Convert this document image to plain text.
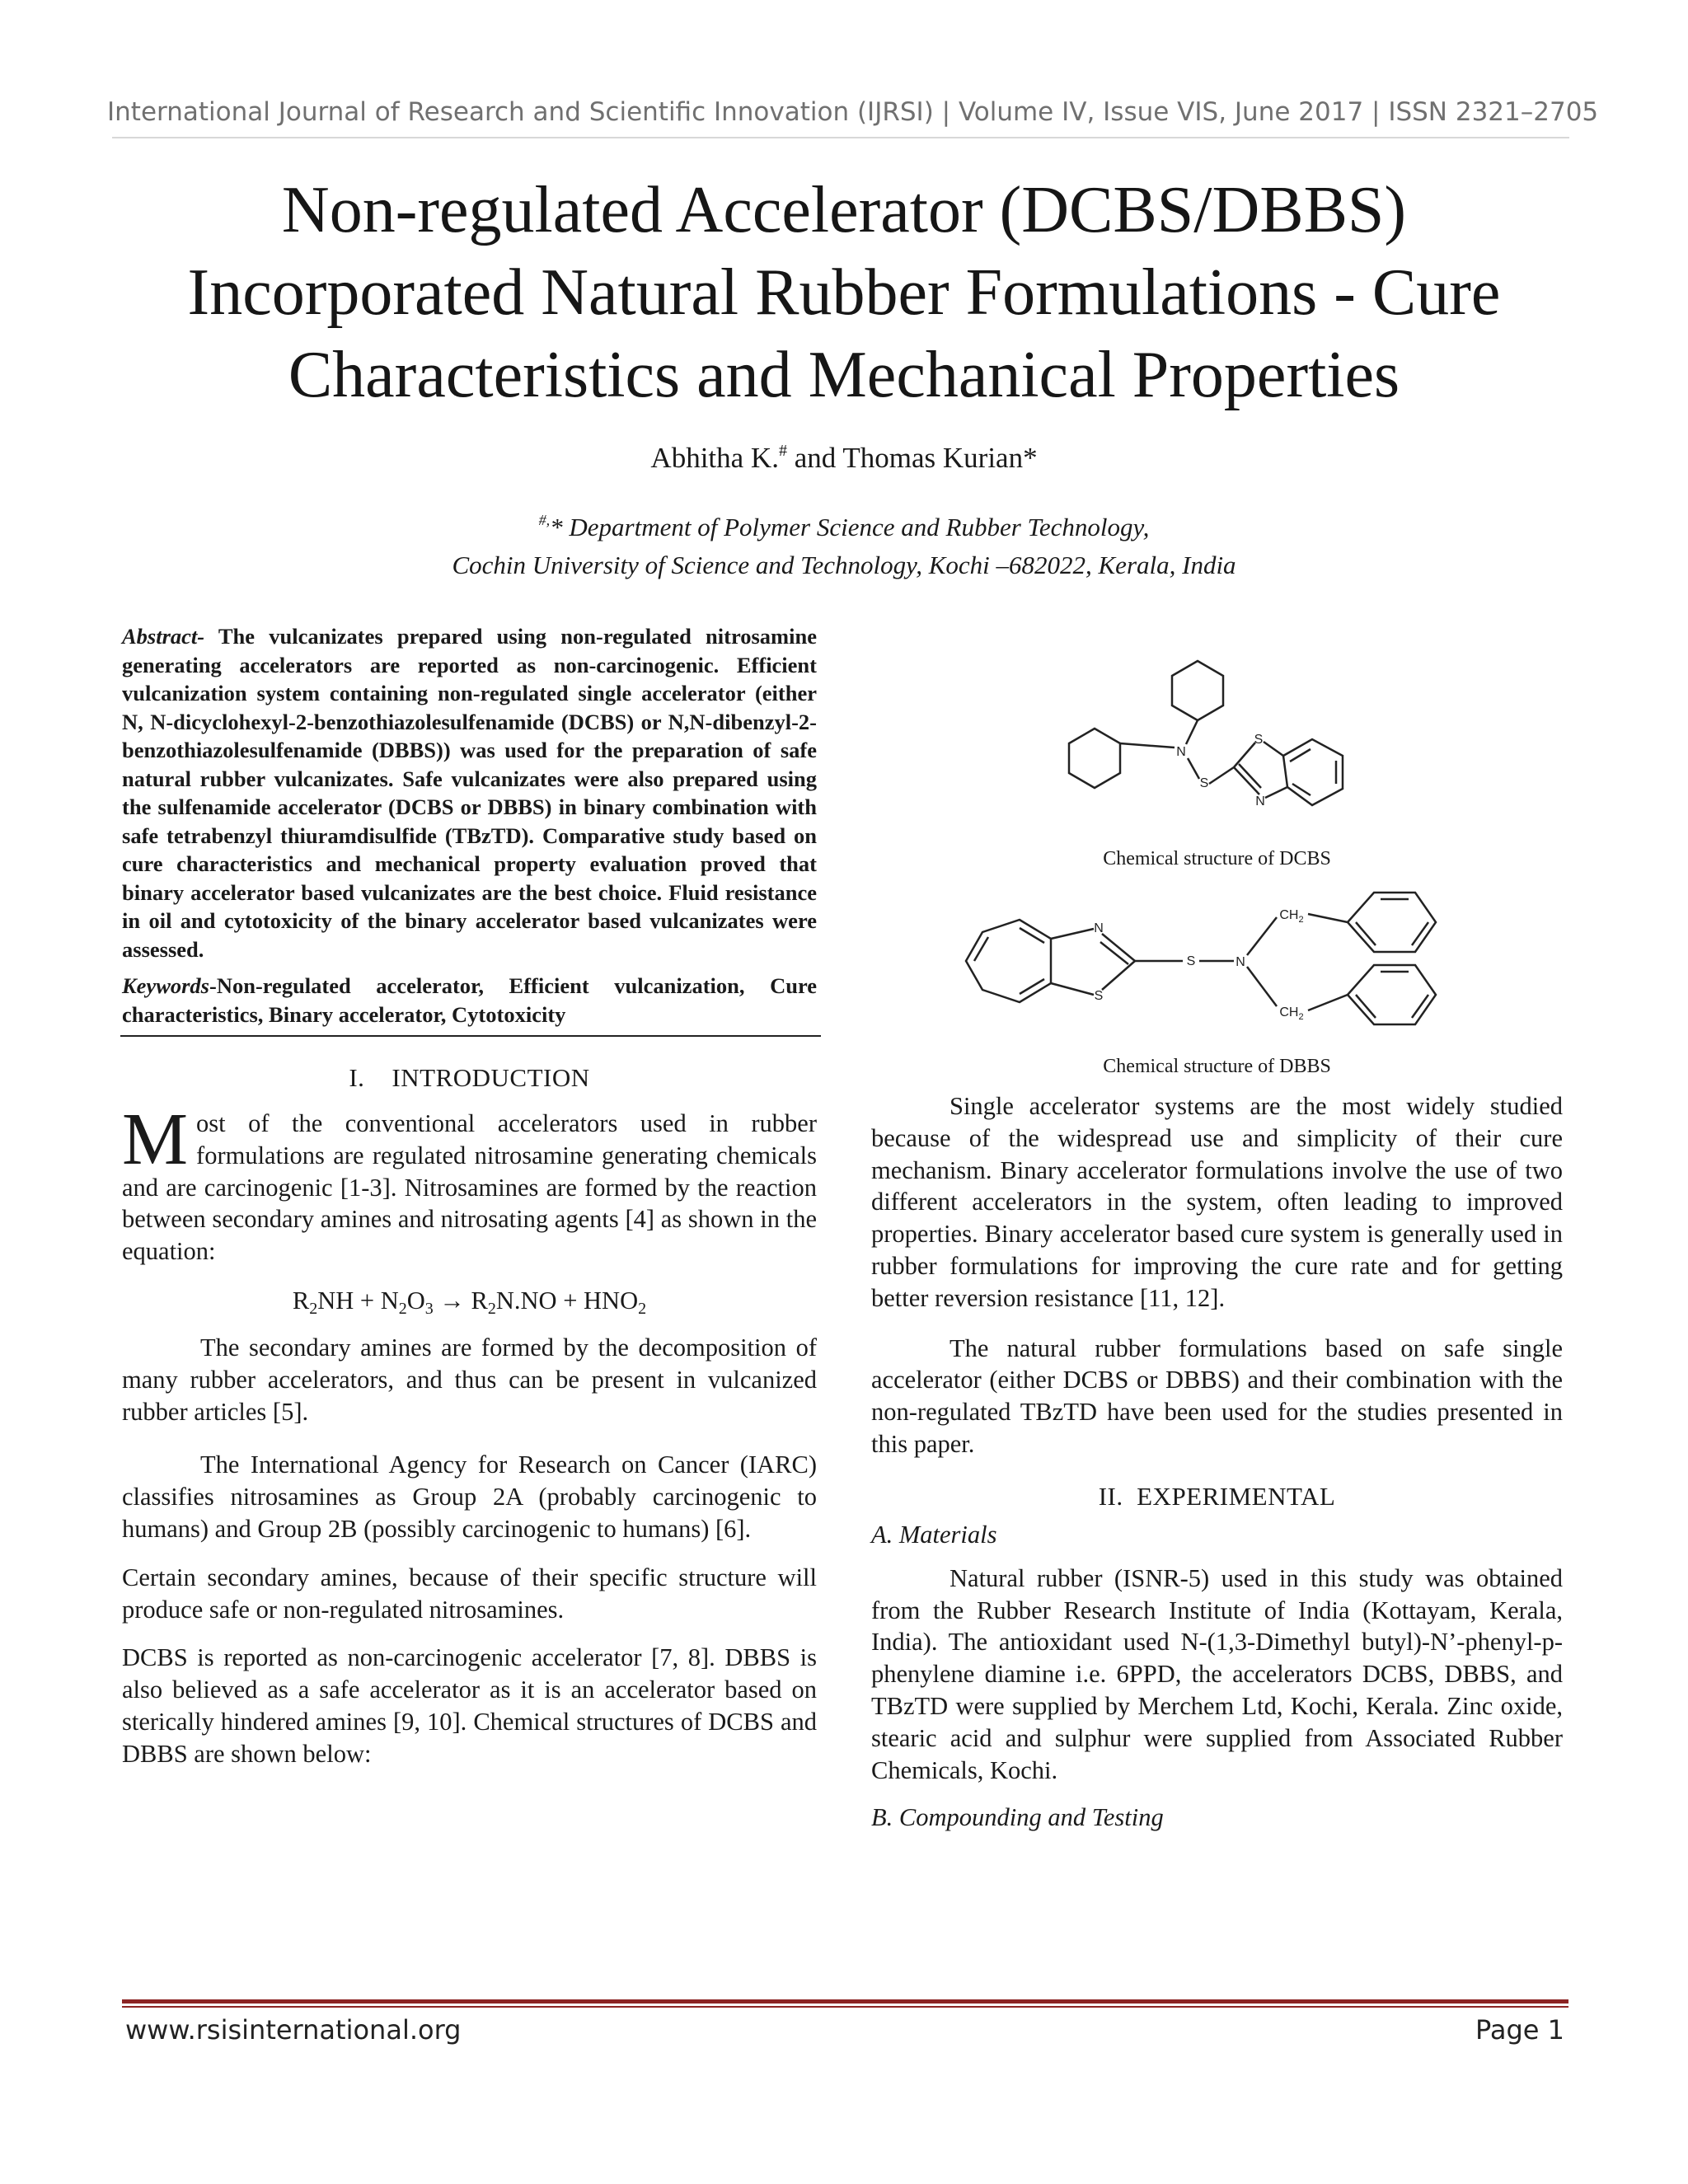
International Journal of Research and Scientific Innovation (IJRSI) | Volume IV, Issue VIS, June 2017 | ISSN 2321–2705
Non-regulated Accelerator (DCBS/DBBS)
Incorporated Natural Rubber Formulations - Cure
Characteristics and Mechanical Properties
Abhitha K.# and Thomas Kurian*
#,* Department of Polymer Science and Rubber Technology,
Cochin University of Science and Technology, Kochi –682022, Kerala, India
Abstract- The vulcanizates prepared using non-regulated nitrosamine generating accelerators are reported as non-carcinogenic. Efficient vulcanization system containing non-regulated single accelerator (either N, N-dicyclohexyl-2-benzothiazolesulfenamide (DCBS) or N,N-dibenzyl-2-benzothiazolesulfenamide (DBBS)) was used for the preparation of safe natural rubber vulcanizates. Safe vulcanizates were also prepared using the sulfenamide accelerator (DCBS or DBBS) in binary combination with safe tetrabenzyl thiuramdisulfide (TBzTD). Comparative study based on cure characteristics and mechanical property evaluation proved that binary accelerator based vulcanizates are the best choice. Fluid resistance in oil and cytotoxicity of the binary accelerator based vulcanizates were assessed.
Keywords-Non-regulated accelerator, Efficient vulcanization, Cure characteristics, Binary accelerator, Cytotoxicity
I.    INTRODUCTION

Most of the conventional accelerators used in rubber formulations are regulated nitrosamine generating chemicals and are carcinogenic [1-3]. Nitrosamines are formed by the reaction between secondary amines and nitrosating agents [4] as shown in the equation:

$R_2NH + N_2O_3 \to R_2N.NO + HNO_2$

The secondary amines are formed by the decomposition of many rubber accelerators, and thus can be present in vulcanized rubber articles [5].

The International Agency for Research on Cancer (IARC) classifies nitrosamines as Group 2A (probably carcinogenic to humans) and Group 2B (possibly carcinogenic to humans) [6].

Certain secondary amines, because of their specific structure will produce safe or non-regulated nitrosamines.

DCBS is reported as non-carcinogenic accelerator [7, 8]. DBBS is also believed as a safe accelerator as it is an accelerator based on sterically hindered amines [9, 10]. Chemical structures of DCBS and DBBS are shown below:

N
S
S
N
Chemical structure of DCBS
N
S
S	N
$CH_2$
$CH_2$
Chemical structure of DBBS

Single accelerator systems are the most widely studied because of the widespread use and simplicity of their cure mechanism. Binary accelerator formulations involve the use of two different accelerators in the system, often leading to improved properties. Binary accelerator based cure system is generally used in rubber formulations for improving the cure rate and for getting better reversion resistance [11, 12].

The natural rubber formulations based on safe single accelerator (either DCBS or DBBS) and their combination with the non-regulated TBzTD have been used for the studies presented in this paper.

II.  EXPERIMENTAL
A. Materials

Natural rubber (ISNR-5) used in this study was obtained from the Rubber Research Institute of India (Kottayam, Kerala, India). The antioxidant used N-(1,3-Dimethyl butyl)-N’-phenyl-p-phenylene diamine i.e. 6PPD, the accelerators DCBS, DBBS, and TBzTD were supplied by Merchem Ltd, Kochi, Kerala. Zinc oxide, stearic acid and sulphur were supplied from Associated Rubber Chemicals, Kochi.

B. Compounding and Testing
www.rsisinternational.org	Page 1
